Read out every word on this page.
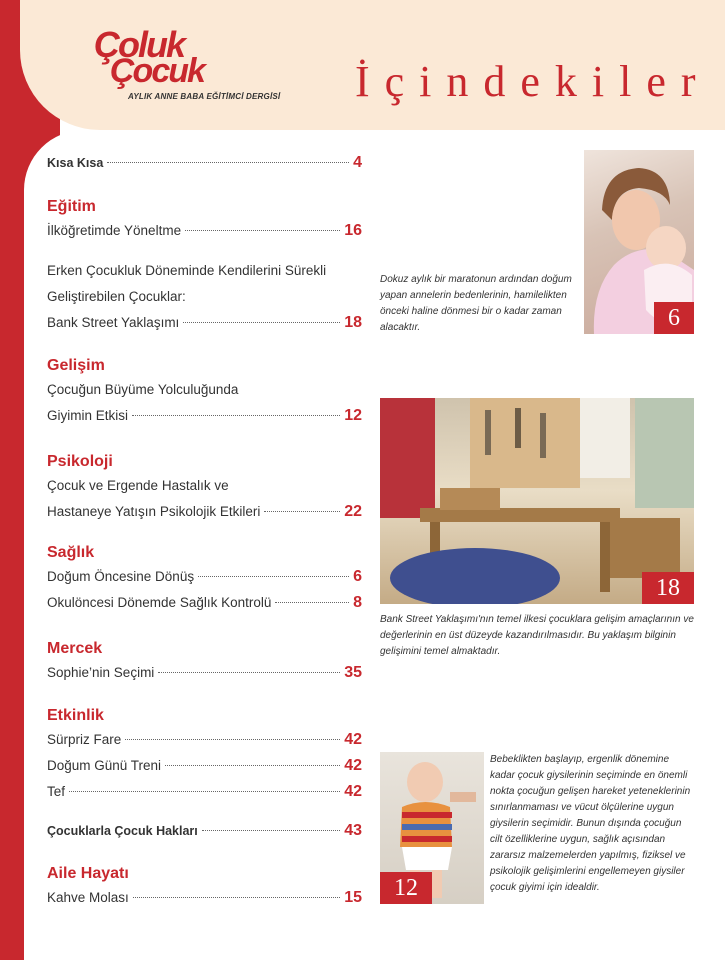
Çoluk
Çocuk
AYLIK ANNE BABA EĞİTİMCİ DERGİSİ İçindekiler
Kısa Kısa	4
Eğitim
İlköğretimde Yöneltme	16
Erken Çocukluk Döneminde Kendilerini Sürekli
Geliştirebilen Çocuklar:
Bank Street Yaklaşımı	18
Gelişim
Çocuğun Büyüme Yolculuğunda
Giyimin Etkisi	12
Psikoloji
Çocuk ve Ergende Hastalık ve
Hastaneye Yatışın Psikolojik Etkileri	22
Sağlık
Doğum Öncesine Dönüş	6
Okulöncesi Dönemde Sağlık Kontrolü	8
Mercek
Sophie’nin Seçimi	35
Etkinlik
Sürpriz Fare	42
Doğum Günü Treni	42
Tef	42
Çocuklarla Çocuk Hakları	43
Aile Hayatı
Kahve Molası	15
6
Dokuz aylık bir maratonun ardından doğum yapan annelerin bedenlerinin, hamilelikten önceki haline dönmesi bir o kadar zaman alacaktır.
18
Bank Street Yaklaşımı'nın temel ilkesi çocuklara gelişim amaçlarının ve değerlerinin en üst düzeyde kazandırılmasıdır. Bu yaklaşım bilginin gelişimini temel almaktadır.
12
Bebeklikten başlayıp, ergenlik dönemine kadar çocuk giysilerinin seçiminde en önemli nokta çocuğun gelişen hareket yeteneklerinin sınırlanmaması ve vücut ölçülerine uygun giysilerin seçimidir. Bunun dışında çocuğun cilt özelliklerine uygun, sağlık açısından zararsız malzemelerden yapılmış, fiziksel ve psikolojik gelişimlerini engellemeyen giysiler çocuk giyimi için idealdir.
